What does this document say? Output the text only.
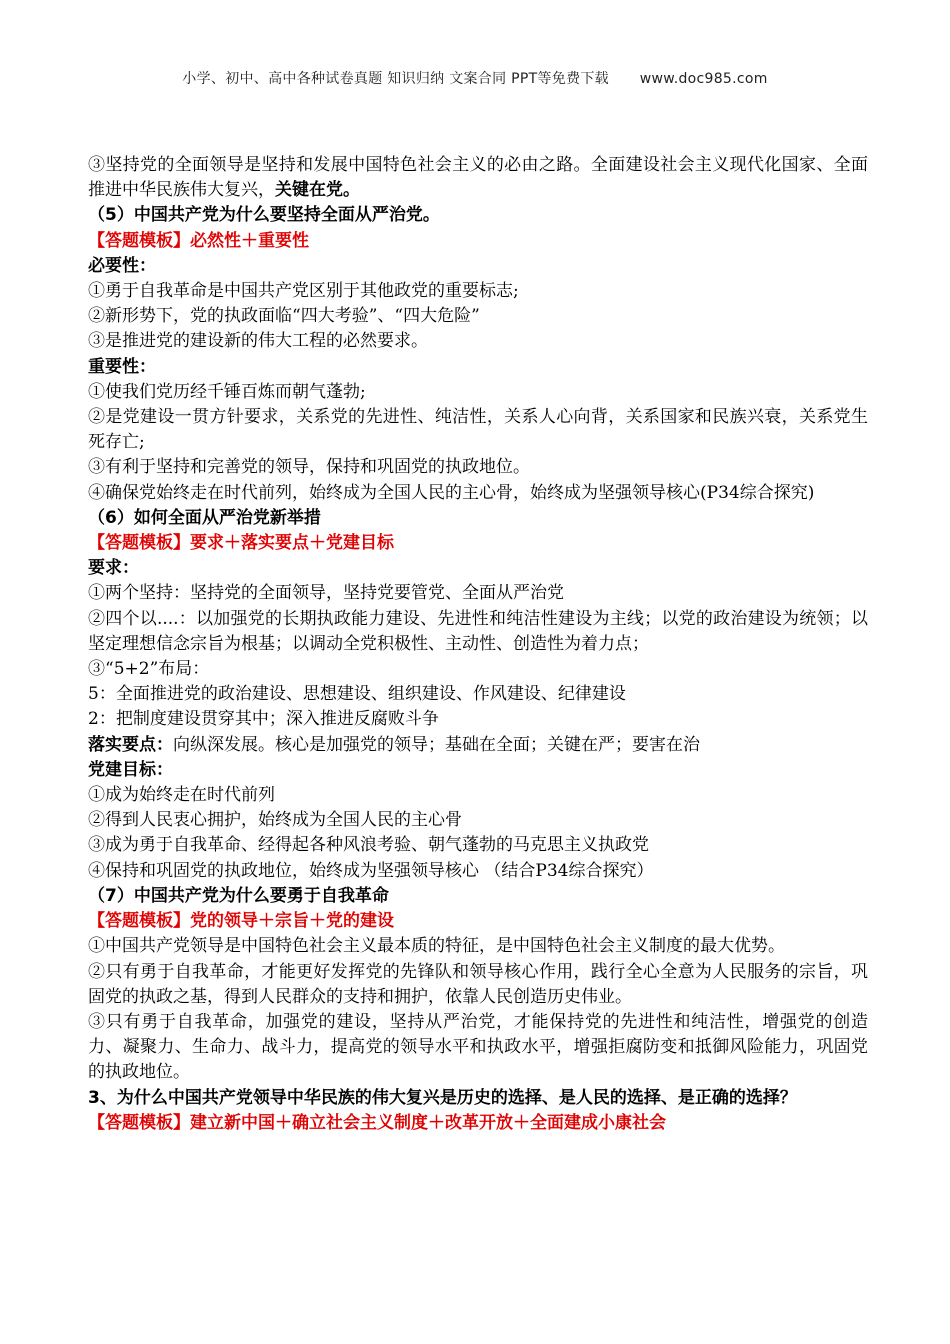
小学、初中、高中各种试卷真题 知识归纳 文案合同 PPT等免费下载 www.doc985.com

③坚持党的全面领导是坚持和发展中国特色社会主义的必由之路。全面建设社会主义现代化国家、全面推进中华民族伟大复兴，关键在党。

（5）中国共产党为什么要坚持全面从严治党。

【答题模板】必然性＋重要性

必要性：

①勇于自我革命是中国共产党区别于其他政党的重要标志;

②新形势下，党的执政面临“四大考验”、“四大危险”

③是推进党的建设新的伟大工程的必然要求。

重要性：

①使我们党历经千锤百炼而朝气蓬勃;

②是党建设一贯方针要求，关系党的先进性、纯洁性，关系人心向背，关系国家和民族兴衰，关系党生死存亡;

③有利于坚持和完善党的领导，保持和巩固党的执政地位。

④确保党始终走在时代前列，始终成为全国人民的主心骨，始终成为坚强领导核心(P34综合探究)

（6）如何全面从严治党新举措

【答题模板】要求＋落实要点＋党建目标

要求：

①两个坚持：坚持党的全面领导，坚持党要管党、全面从严治党

②四个以....：以加强党的长期执政能力建设、先进性和纯洁性建设为主线；以党的政治建设为统领；以坚定理想信念宗旨为根基；以调动全党积极性、主动性、创造性为着力点；

③“5+2”布局：

5：全面推进党的政治建设、思想建设、组织建设、作风建设、纪律建设

2：把制度建设贯穿其中；深入推进反腐败斗争

落实要点：向纵深发展。核心是加强党的领导；基础在全面；关键在严；要害在治

党建目标：

①成为始终走在时代前列

②得到人民衷心拥护，始终成为全国人民的主心骨

③成为勇于自我革命、经得起各种风浪考验、朝气蓬勃的马克思主义执政党

④保持和巩固党的执政地位，始终成为坚强领导核心 （结合P34综合探究）

（7）中国共产党为什么要勇于自我革命

【答题模板】党的领导＋宗旨＋党的建设

①中国共产党领导是中国特色社会主义最本质的特征，是中国特色社会主义制度的最大优势。

②只有勇于自我革命，才能更好发挥党的先锋队和领导核心作用，践行全心全意为人民服务的宗旨，巩固党的执政之基，得到人民群众的支持和拥护，依靠人民创造历史伟业。

③只有勇于自我革命，加强党的建设，坚持从严治党，才能保持党的先进性和纯洁性，增强党的创造力、凝聚力、生命力、战斗力，提高党的领导水平和执政水平，增强拒腐防变和抵御风险能力，巩固党的执政地位。

3、为什么中国共产党领导中华民族的伟大复兴是历史的选择、是人民的选择、是正确的选择？

【答题模板】建立新中国＋确立社会主义制度＋改革开放＋全面建成小康社会
